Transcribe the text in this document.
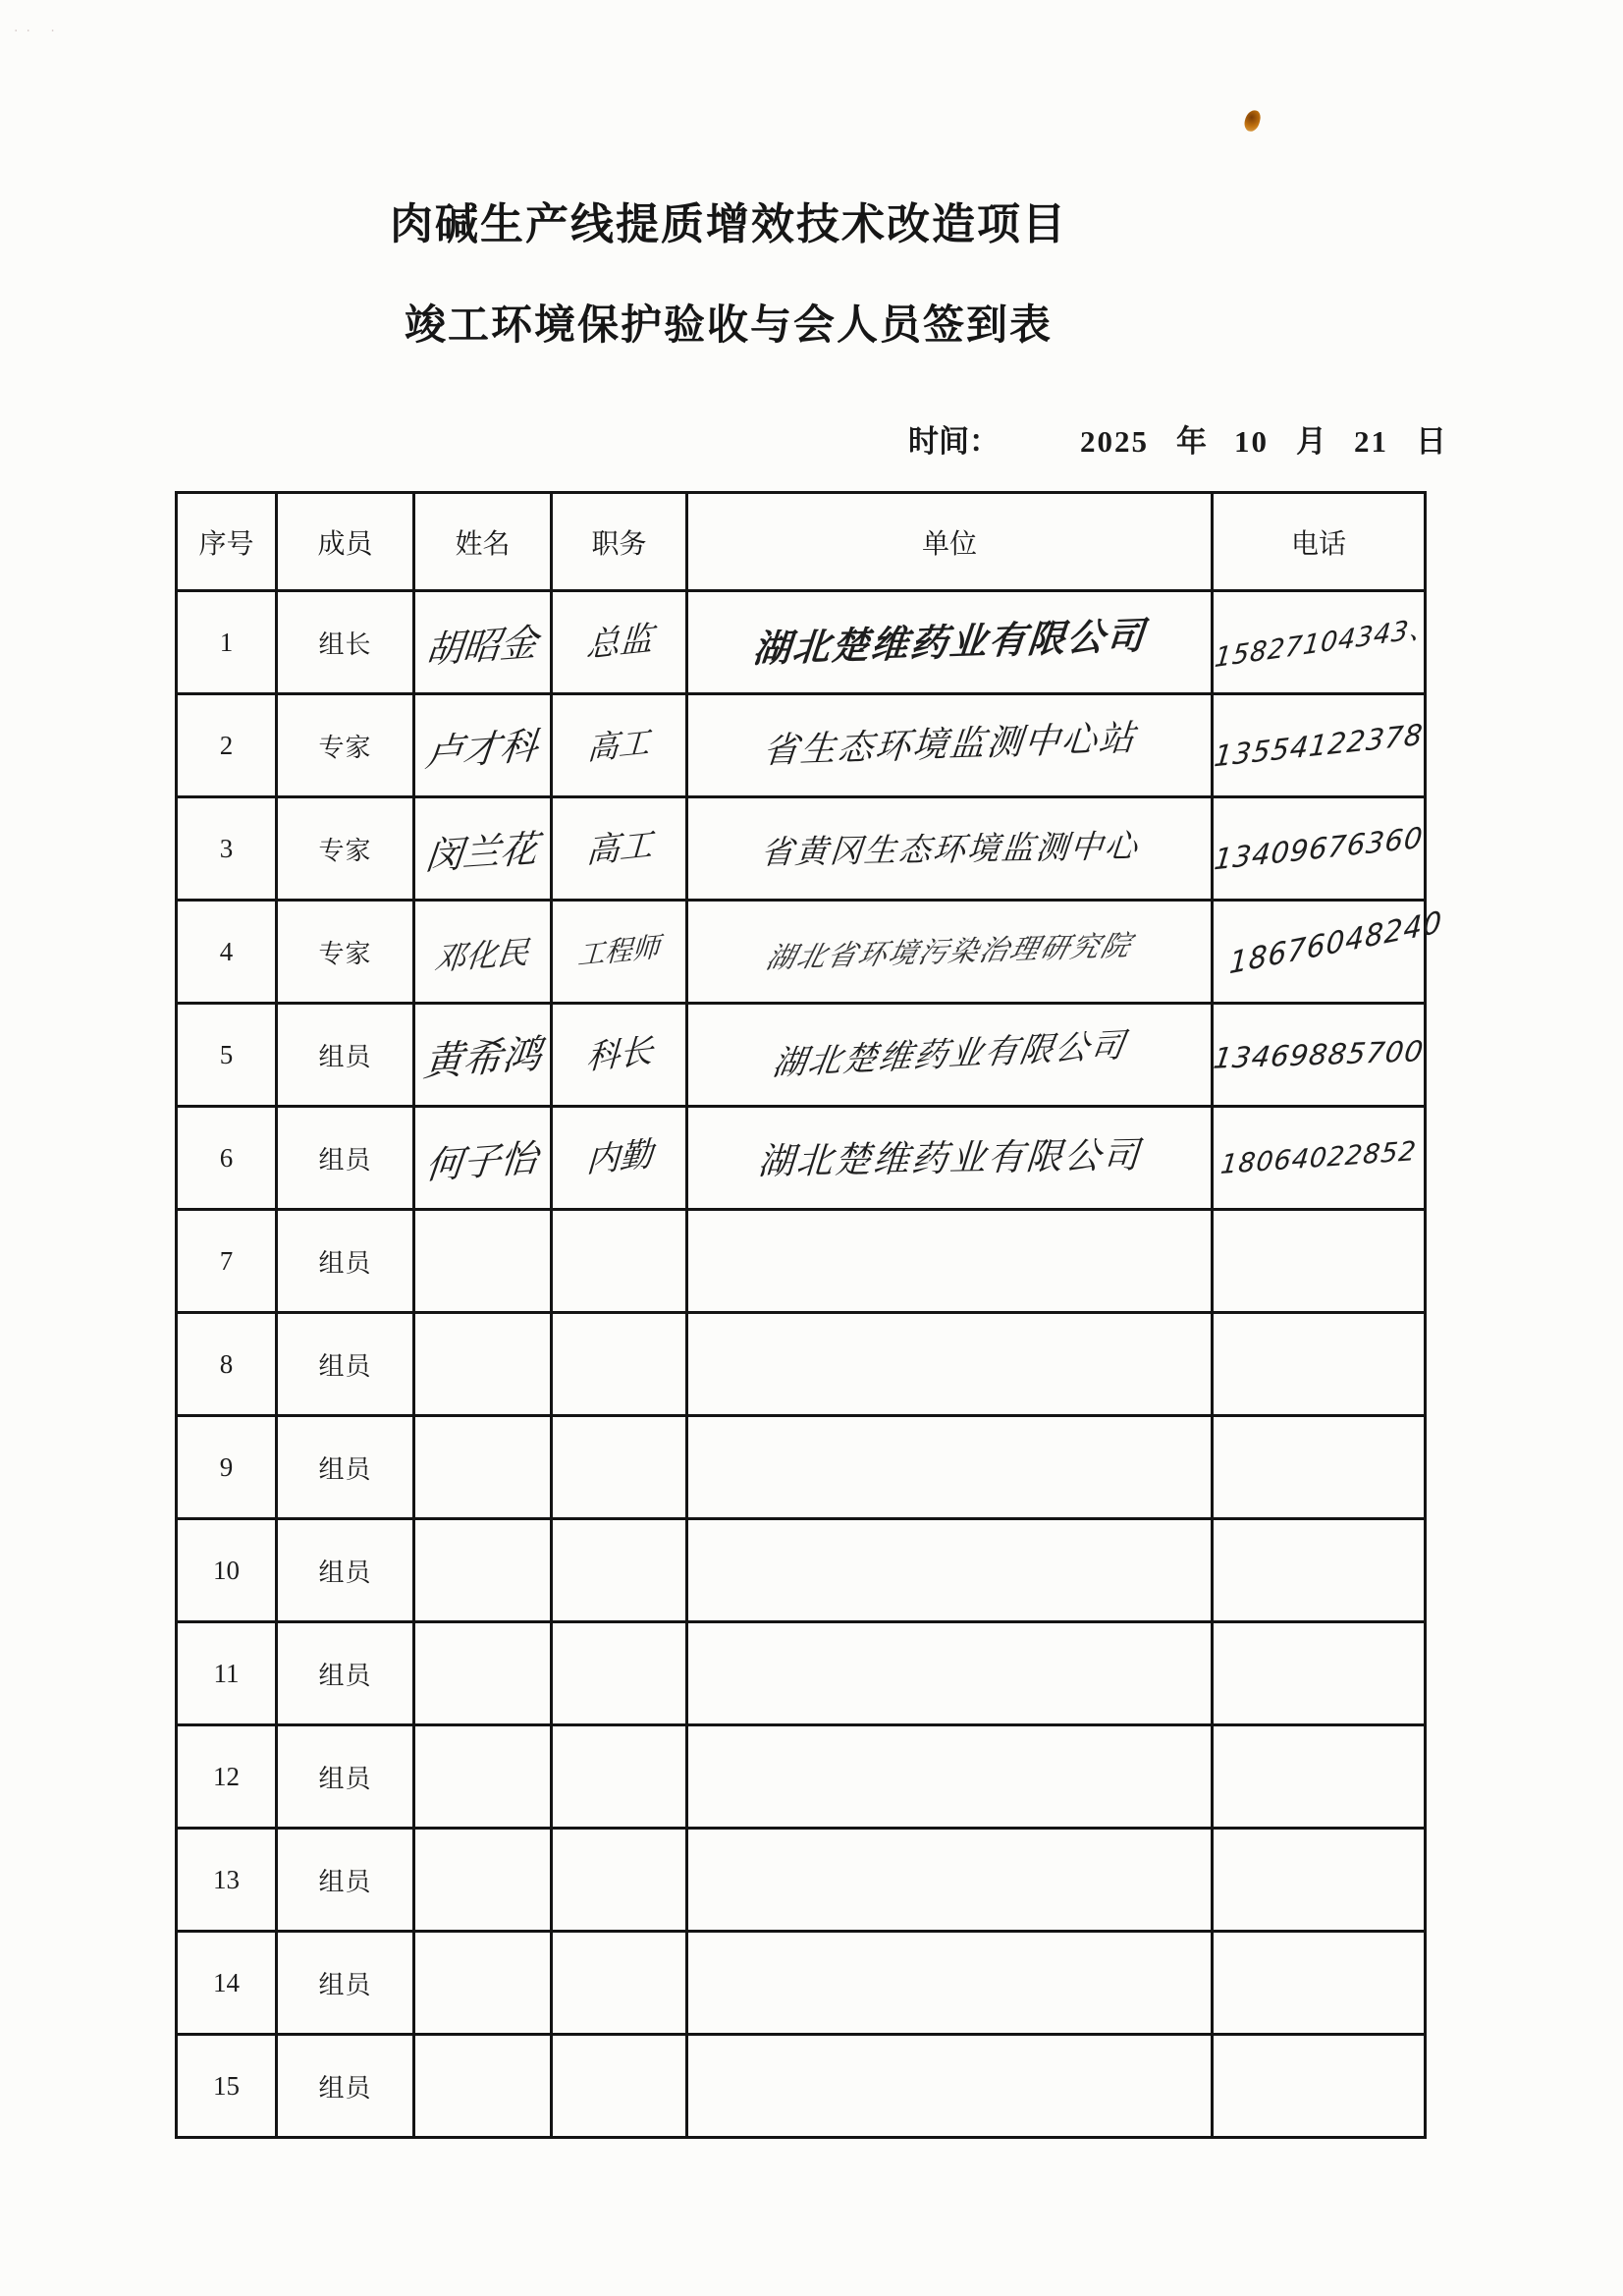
·· ·
肉碱生产线提质增效技术改造项目
竣工环境保护验收与会人员签到表
时间：	2025 年 10 月 21 日
序号	成员	姓名	职务	单位	电话
1	组长	胡昭金	总监	湖北楚维药业有限公司	15827104343、
2	专家	卢才科	高工	省生态环境监测中心站	13554122378
3	专家	闵兰花	高工	省黄冈生态环境监测中心	13409676360
4	专家	邓化民	工程师	湖北省环境污染治理研究院	18676048240

5	组员	黄希鸿	科长	湖北楚维药业有限公司	13469885700
6	组员	何子怡	内勤	湖北楚维药业有限公司	18064022852
7	组员				
8	组员				
9	组员				
10	组员				
11	组员				
12	组员				
13	组员				
14	组员				
15	组员				
